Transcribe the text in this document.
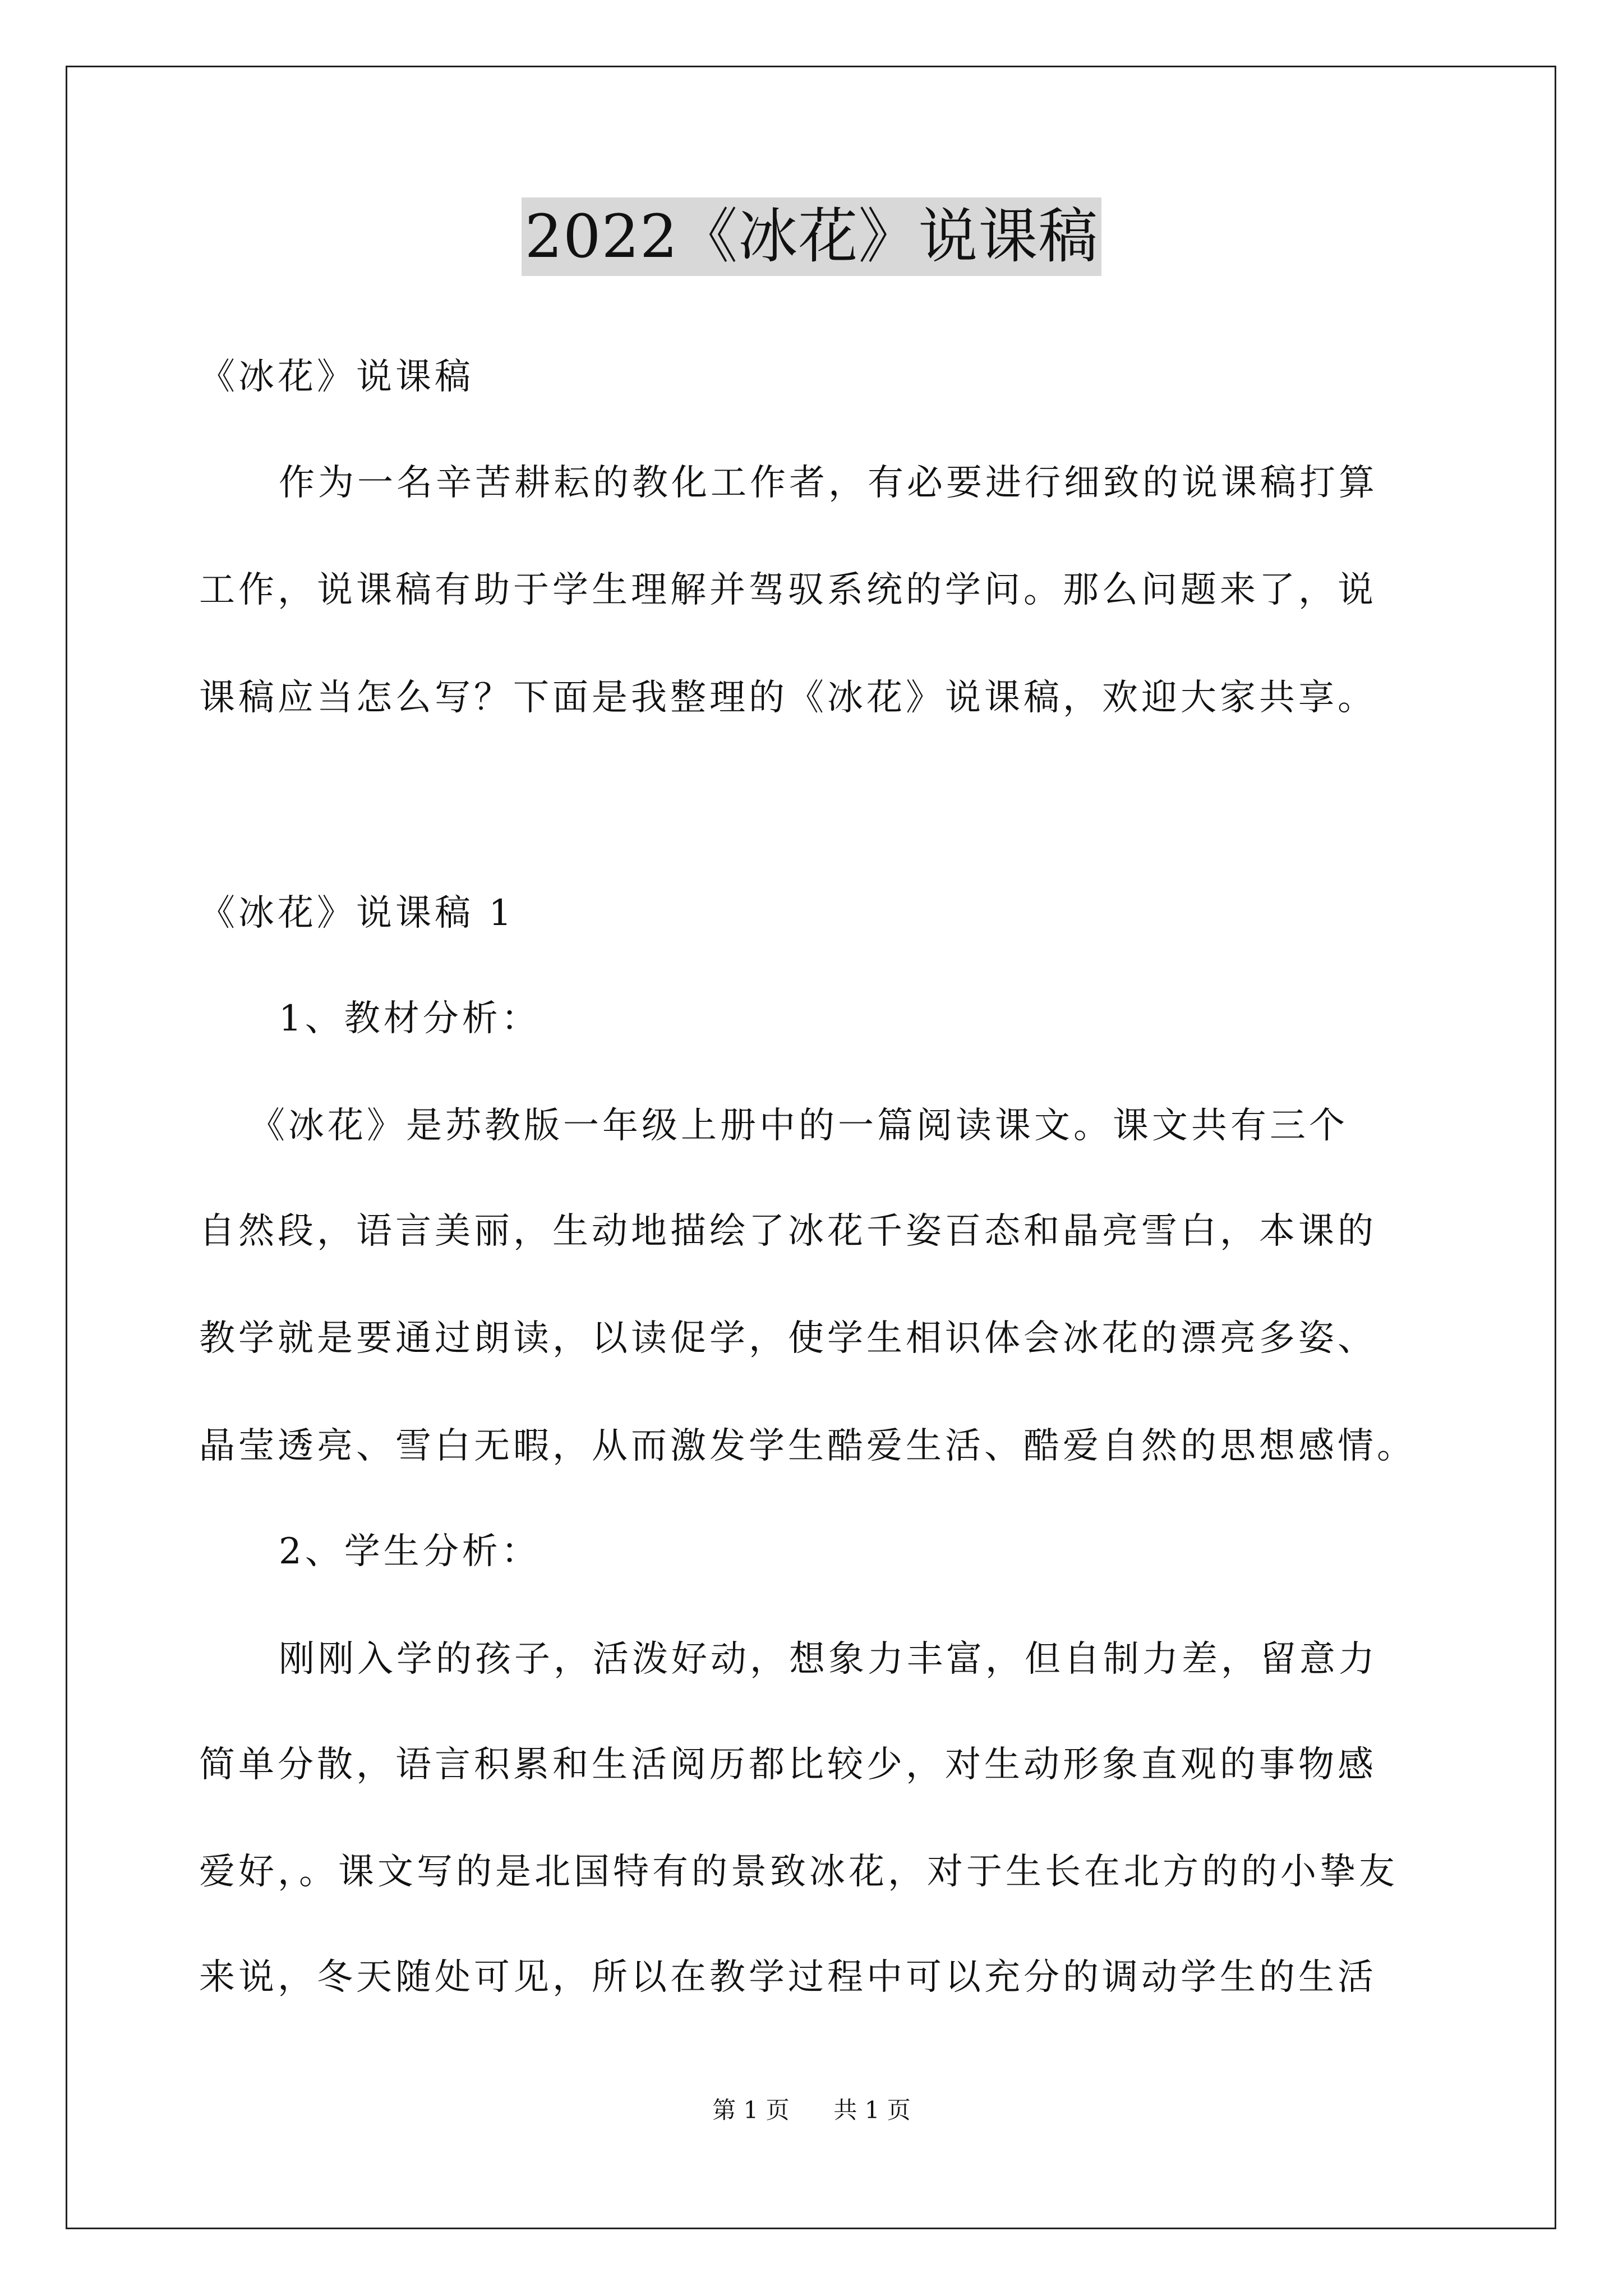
2022《冰花》说课稿

《冰花》说课稿

作为一名辛苦耕耘的教化工作者，有必要进行细致的说课稿打算

工作，说课稿有助于学生理解并驾驭系统的学问。那么问题来了，说

课稿应当怎么写？下面是我整理的《冰花》说课稿，欢迎大家共享。

《冰花》说课稿 1

1、教材分析：

《冰花》是苏教版一年级上册中的一篇阅读课文。课文共有三个

自然段，语言美丽，生动地描绘了冰花千姿百态和晶亮雪白，本课的

教学就是要通过朗读，以读促学，使学生相识体会冰花的漂亮多姿、

晶莹透亮、雪白无暇，从而激发学生酷爱生活、酷爱自然的思想感情。

2、学生分析：

刚刚入学的孩子，活泼好动，想象力丰富，但自制力差，留意力

简单分散，语言积累和生活阅历都比较少，对生动形象直观的事物感

爱好，。课文写的是北国特有的景致冰花，对于生长在北方的的小挚友

来说，冬天随处可见，所以在教学过程中可以充分的调动学生的生活

第 1 页 共 1 页
